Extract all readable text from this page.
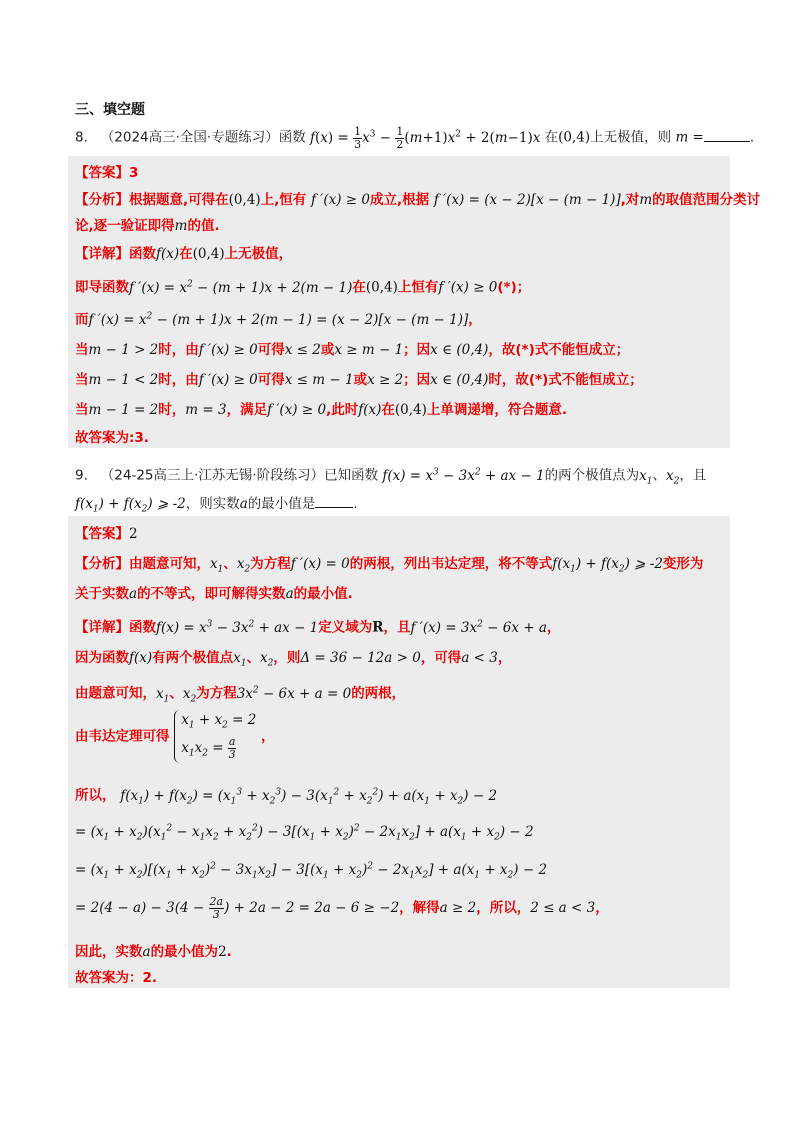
三、填空题
8. （2024高三·全国·专题练习）函数 $f(x) = \frac{1}{3} x^3 - \frac{1}{2} (m+1)x^2 + 2(m-1)x$ 在(0,4)上无极值，则 m =	.
【答案】3
【分析】根据题意,可得在(0,4)上,恒有 f ′(x) ≥ 0成立,根据 f ′(x) = (x − 2)[x − (m − 1)],对m的取值范围分类讨
论,逐一验证即得m的值.
【详解】函数f(x)在(0,4)上无极值，
即导函数f $'(x) = x^2 - (m + 1)x + 2(m - 1)$在(0,4)上恒有f ′(x) ≥ 0(*)；
而f $'(x) = x^2 - (m + 1)x + 2(m - 1) = (x - 2)[x - (m - 1)]$，
当m − 1 > 2时，由f ′(x) ≥ 0可得x ≤ 2或x ≥ m − 1；因x ∈ (0,4)，故(*)式不能恒成立；
当m − 1 < 2时，由f ′(x) ≥ 0可得x ≤ m − 1或x ≥ 2；因x ∈ (0,4)时，故(*)式不能恒成立；
当m − 1 = 2时，m = 3，满足f ′(x) ≥ 0,此时f(x)在(0,4)上单调递增，符合题意.
故答案为:3.
9. （24-25高三上·江苏无锡·阶段练习）已知函数 $f(x) = x^3 - 3x^2$ + ax − 1的两个极值点为$x_1$、$x_2$，且
$f(x_1) + f(x_2)$ ⩾ -2，则实数a的最小值是	.
【答案】2
【分析】由题意可知，$x_1$、$x_2$为方程f ′(x) = 0的两根，列出韦达定理，将不等式$f(x_1) + f(x_2)$ ⩾ -2变形为
关于实数a的不等式，即可解得实数a的最小值.
【详解】函数$f(x) = x^3 - 3x^2$ + ax − 1定义域为R，且f $'(x) = 3x^2 - 6x + a$，
因为函数f(x)有两个极值点$x_1$、$x_2$，则Δ = 36 − 12a > 0，可得a < 3，
由题意可知，$x_1$、$x_2$为方程$3x^2 - 6x + a = 0$的两根，
由韦达定理可得 $x_1 + x_2 = 2$
$x_1x_2 = \frac{a}{3}$ ，
所以， $f(x_1) + f(x_2) = (x_1^3 + x_2^3) - 3(x_1^2 + x_2^2) + a(x_1 + x_2) - 2$
= $(x_1 + x_2)(x_1^2 - x_1x_2 + x_2^2) - 3[(x_1 + x_2)^2 - 2x_1x_2] + a(x_1 + x_2) - 2$
= $(x_1 + x_2)[(x_1 + x_2)^2 - 3x_1x_2] - 3[(x_1 + x_2)^2 - 2x_1x_2] + a(x_1 + x_2) - 2$
= $2(4 - a) - 3(4 - \frac{2a}{3}$ ) + 2a − 2 = 2a − 6 ≥ −2，解得a ≥ 2，所以，2 ≤ a < 3，
因此，实数a的最小值为2.
故答案为：2.
